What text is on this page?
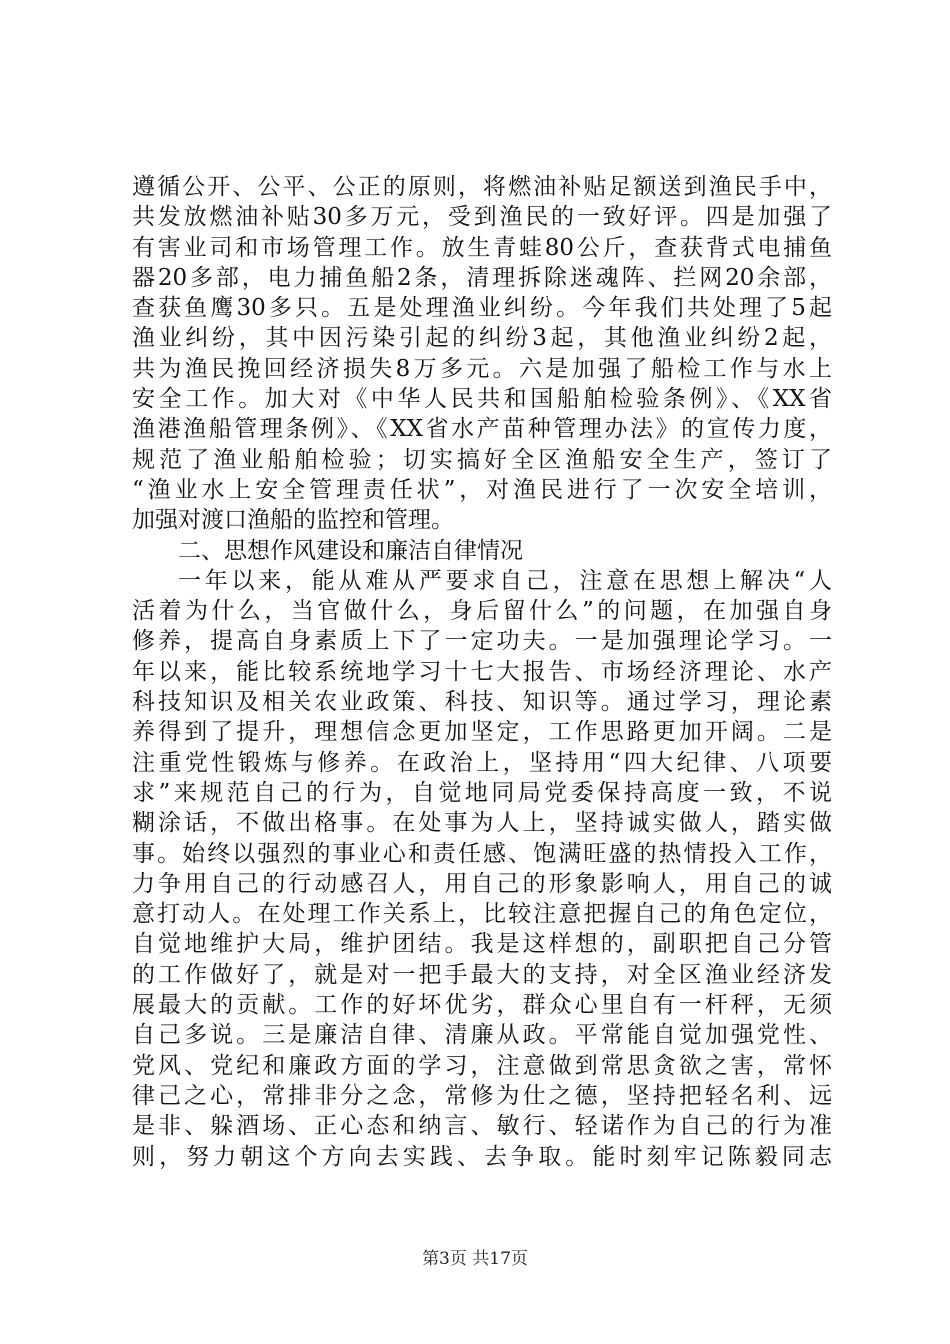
遵循公开、公平、公正的原则，将燃油补贴足额送到渔民手中，
共发放燃油补贴30多万元，受到渔民的一致好评。四是加强了
有害业司和市场管理工作。放生青蛙80公斤，查获背式电捕鱼
器20多部，电力捕鱼船2条，清理拆除迷魂阵、拦网20余部，
查获鱼鹰30多只。五是处理渔业纠纷。今年我们共处理了5起
渔业纠纷，其中因污染引起的纠纷3起，其他渔业纠纷2起，
共为渔民挽回经济损失8万多元。六是加强了船检工作与水上
安全工作。加大对《中华人民共和国船舶检验条例》、《XX省
渔港渔船管理条例》、《XX省水产苗种管理办法》的宣传力度，
规范了渔业船舶检验；切实搞好全区渔船安全生产，签订了
“渔业水上安全管理责任状”，对渔民进行了一次安全培训，
加强对渡口渔船的监控和管理。
二、思想作风建设和廉洁自律情况
一年以来，能从难从严要求自己，注意在思想上解决“人
活着为什么，当官做什么，身后留什么”的问题，在加强自身
修养，提高自身素质上下了一定功夫。一是加强理论学习。一
年以来，能比较系统地学习十七大报告、市场经济理论、水产
科技知识及相关农业政策、科技、知识等。通过学习，理论素
养得到了提升，理想信念更加坚定，工作思路更加开阔。二是
注重党性锻炼与修养。在政治上，坚持用“四大纪律、八项要
求”来规范自己的行为，自觉地同局党委保持高度一致，不说
糊涂话，不做出格事。在处事为人上，坚持诚实做人，踏实做
事。始终以强烈的事业心和责任感、饱满旺盛的热情投入工作，
力争用自己的行动感召人，用自己的形象影响人，用自己的诚
意打动人。在处理工作关系上，比较注意把握自己的角色定位，
自觉地维护大局，维护团结。我是这样想的，副职把自己分管
的工作做好了，就是对一把手最大的支持，对全区渔业经济发
展最大的贡献。工作的好坏优劣，群众心里自有一杆秤，无须
自己多说。三是廉洁自律、清廉从政。平常能自觉加强党性、
党风、党纪和廉政方面的学习，注意做到常思贪欲之害，常怀
律己之心，常排非分之念，常修为仕之德，坚持把轻名利、远
是非、躲酒场、正心态和纳言、敏行、轻诺作为自己的行为准
则，努力朝这个方向去实践、去争取。能时刻牢记陈毅同志
第3页 共17页
